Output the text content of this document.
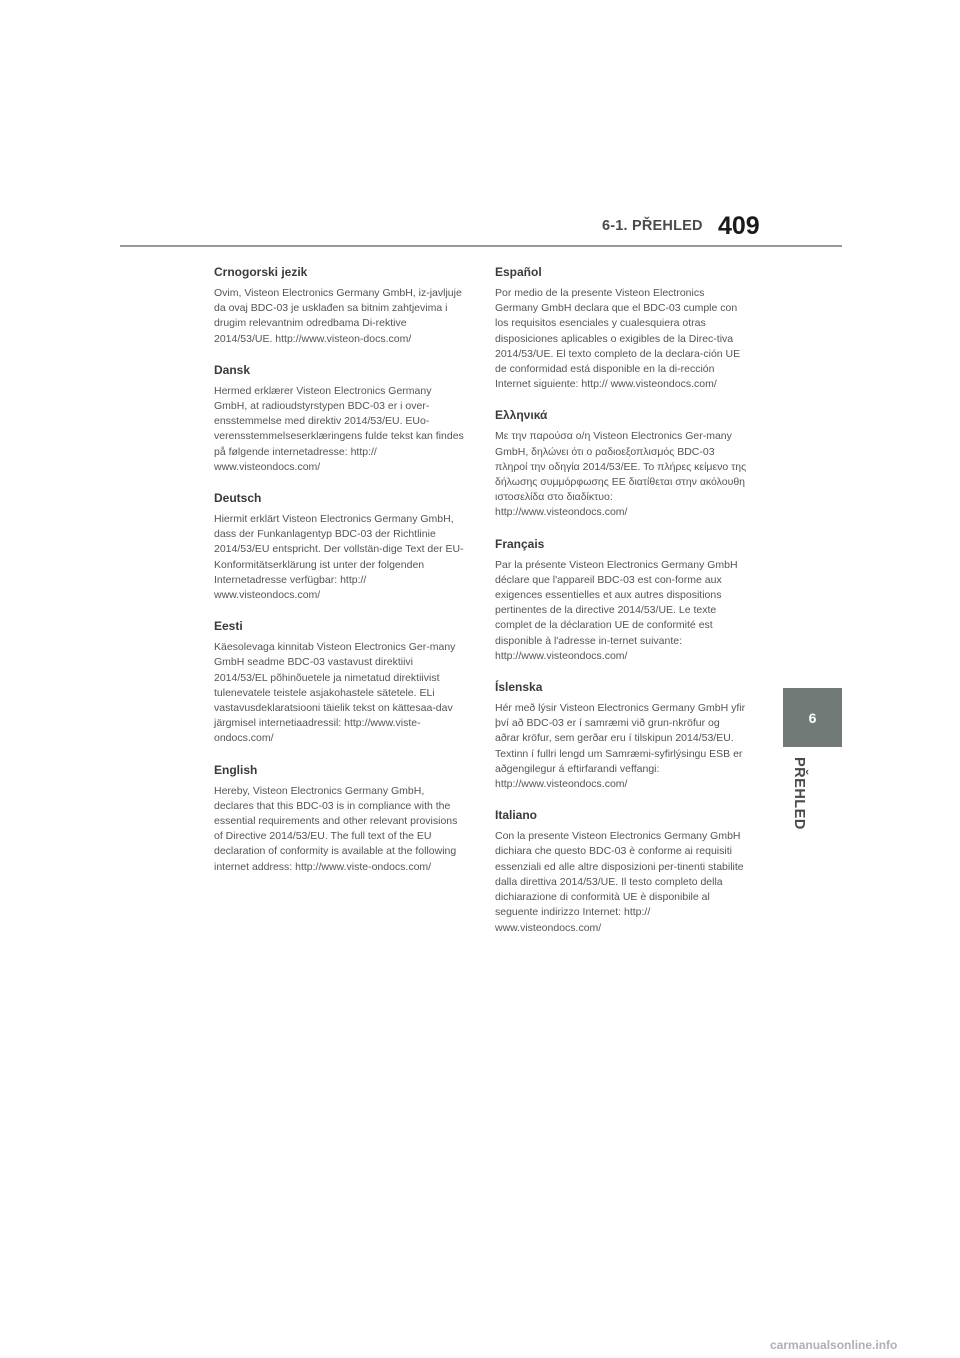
6-1. PŘEHLED 409
6
PŘEHLED
Crnogorski jezik

Ovim, Visteon Electronics Germany GmbH, iz-javljuje da ovaj BDC-03 je usklađen sa bitnim zahtjevima i drugim relevantnim odredbama Di-rektive 2014/53/UE. http://www.visteon-docs.com/

Dansk

Hermed erklærer Visteon Electronics Germany GmbH, at radioudstyrstypen BDC-03 er i over-ensstemmelse med direktiv 2014/53/EU. EUo-verensstemmelseserklæringens fulde tekst kan findes på følgende internetadresse: http:// www.visteondocs.com/

Deutsch

Hiermit erklärt Visteon Electronics Germany GmbH, dass der Funkanlagentyp BDC-03 der Richtlinie 2014/53/EU entspricht. Der vollstän-dige Text der EU-Konformitätserklärung ist unter der folgenden Internetadresse verfügbar: http:// www.visteondocs.com/

Eesti

Käesolevaga kinnitab Visteon Electronics Ger-many GmbH seadme BDC-03 vastavust direktiivi 2014/53/EL põhinõuetele ja nimetatud direktiivist tulenevatele teistele asjakohastele sätetele. ELi vastavusdeklaratsiooni täielik tekst on kättesaa-dav järgmisel internetiaadressil: http://www.viste-ondocs.com/

English

Hereby, Visteon Electronics Germany GmbH, declares that this BDC-03 is in compliance with the essential requirements and other relevant provisions of Directive 2014/53/EU. The full text of the EU declaration of conformity is available at the following internet address: http://www.viste-ondocs.com/

Español

Por medio de la presente Visteon Electronics Germany GmbH declara que el BDC-03 cumple con los requisitos esenciales y cualesquiera otras disposiciones aplicables o exigibles de la Direc-tiva 2014/53/UE. El texto completo de la declara-ción UE de conformidad está disponible en la di-rección Internet siguiente: http:// www.visteondocs.com/

Ελληνικά

Με την παρούσα ο/η Visteon Electronics Ger-many GmbH, δηλώνει ότι ο ραδιοεξοπλισμός BDC-03 πληροί την οδηγία 2014/53/ΕΕ. Το πλήρες κείμενο της δήλωσης συμμόρφωσης ΕΕ διατίθεται στην ακόλουθη ιστοσελίδα στο διαδίκτυο: http://www.visteondocs.com/

Français

Par la présente Visteon Electronics Germany GmbH déclare que l'appareil BDC-03 est con-forme aux exigences essentielles et aux autres dispositions pertinentes de la directive 2014/53/UE. Le texte complet de la déclaration UE de conformité est disponible à l'adresse in-ternet suivante: http://www.visteondocs.com/

Íslenska

Hér með lýsir Visteon Electronics Germany GmbH yfir því að BDC-03 er í samræmi við grun-nkröfur og aðrar kröfur, sem gerðar eru í tilskipun 2014/53/EU. Textinn í fullri lengd um Samræmi-syfirlýsingu ESB er aðgengilegur á eftirfarandi veffangi: http://www.visteondocs.com/

Italiano

Con la presente Visteon Electronics Germany GmbH dichiara che questo BDC-03 è conforme ai requisiti essenziali ed alle altre disposizioni per-tinenti stabilite dalla direttiva 2014/53/UE. Il testo completo della dichiarazione di conformità UE è disponibile al seguente indirizzo Internet: http:// www.visteondocs.com/

carmanualsonline.info
